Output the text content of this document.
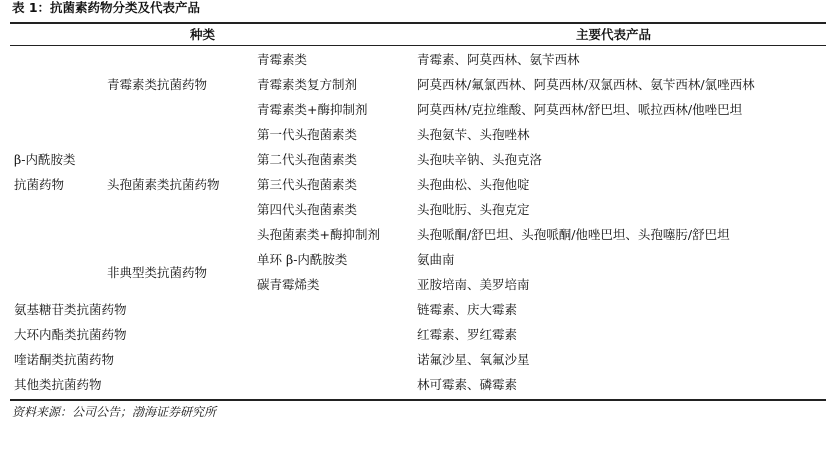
表 1：抗菌素药物分类及代表产品
种类	主要代表产品
β-内酰胺类
抗菌药物
氨基糖苷类抗菌药物
大环内酯类抗菌药物
喹诺酮类抗菌药物
其他类抗菌药物
青霉素类抗菌药物
头孢菌素类抗菌药物
非典型类抗菌药物
青霉素类
青霉素类复方制剂
青霉素类+酶抑制剂
第一代头孢菌素类
第二代头孢菌素类
第三代头孢菌素类
第四代头孢菌素类
头孢菌素类+酶抑制剂
单环 β-内酰胺类
碳青霉烯类
青霉素、阿莫西林、氨苄西林
阿莫西林/氟氯西林、阿莫西林/双氯西林、氨苄西林/氯唑西林
阿莫西林/克拉维酸、阿莫西林/舒巴坦、哌拉西林/他唑巴坦
头孢氨苄、头孢唑林
头孢呋辛钠、头孢克洛
头孢曲松、头孢他啶
头孢吡肟、头孢克定
头孢哌酮/舒巴坦、头孢哌酮/他唑巴坦、头孢噻肟/舒巴坦
氨曲南
亚胺培南、美罗培南
链霉素、庆大霉素
红霉素、罗红霉素
诺氟沙星、氧氟沙星
林可霉素、磷霉素
资料来源：公司公告；渤海证券研究所
